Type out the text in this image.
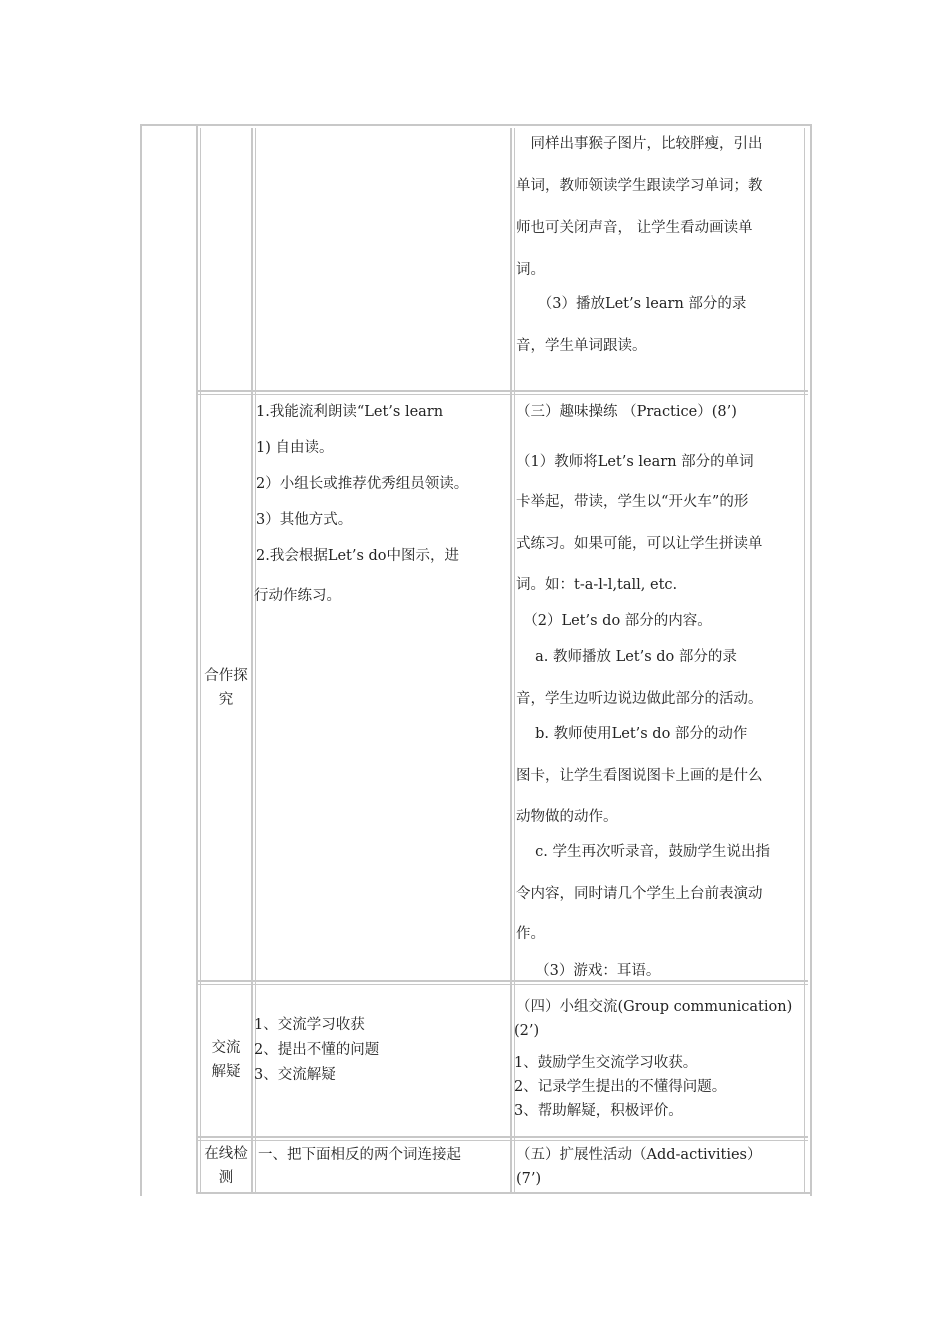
　同样出事猴子图片，比较胖瘦，引出

单词，教师领读学生跟读学习单词；教

师也可关闭声音， 让学生看动画读单

词。

　　（3）播放Let’s learn 部分的录

音，学生单词跟读。

合作探
究

1.我能流利朗读“Let’s learn

1) 自由读。

2）小组长或推荐优秀组员领读。

3）其他方式。

2.我会根据Let’s do中图示，进

行动作练习。

（三）趣味操练 （Practice）(8’)

（1）教师将Let’s learn 部分的单词

卡举起，带读，学生以“开火车”的形

式练习。如果可能，可以让学生拼读单

词。如：t-a-l-l,tall, etc.

　（2）Let’s do 部分的内容。

　 a. 教师播放 Let’s do 部分的录

音，学生边听边说边做此部分的活动。

　 b. 教师使用Let’s do 部分的动作

图卡，让学生看图说图卡上画的是什么

动物做的动作。

　 c. 学生再次听录音，鼓励学生说出指

令内容，同时请几个学生上台前表演动

作。

　 （3）游戏：耳语。

交流
解疑

1、交流学习收获

2、提出不懂的问题

3、交流解疑

（四）小组交流(Group communication)

(2’)

1、鼓励学生交流学习收获。

2、记录学生提出的不懂得问题。

3、帮助解疑，积极评价。

在线检
测

一、把下面相反的两个词连接起	（五）扩展性活动（Add-activities）

(7’)
